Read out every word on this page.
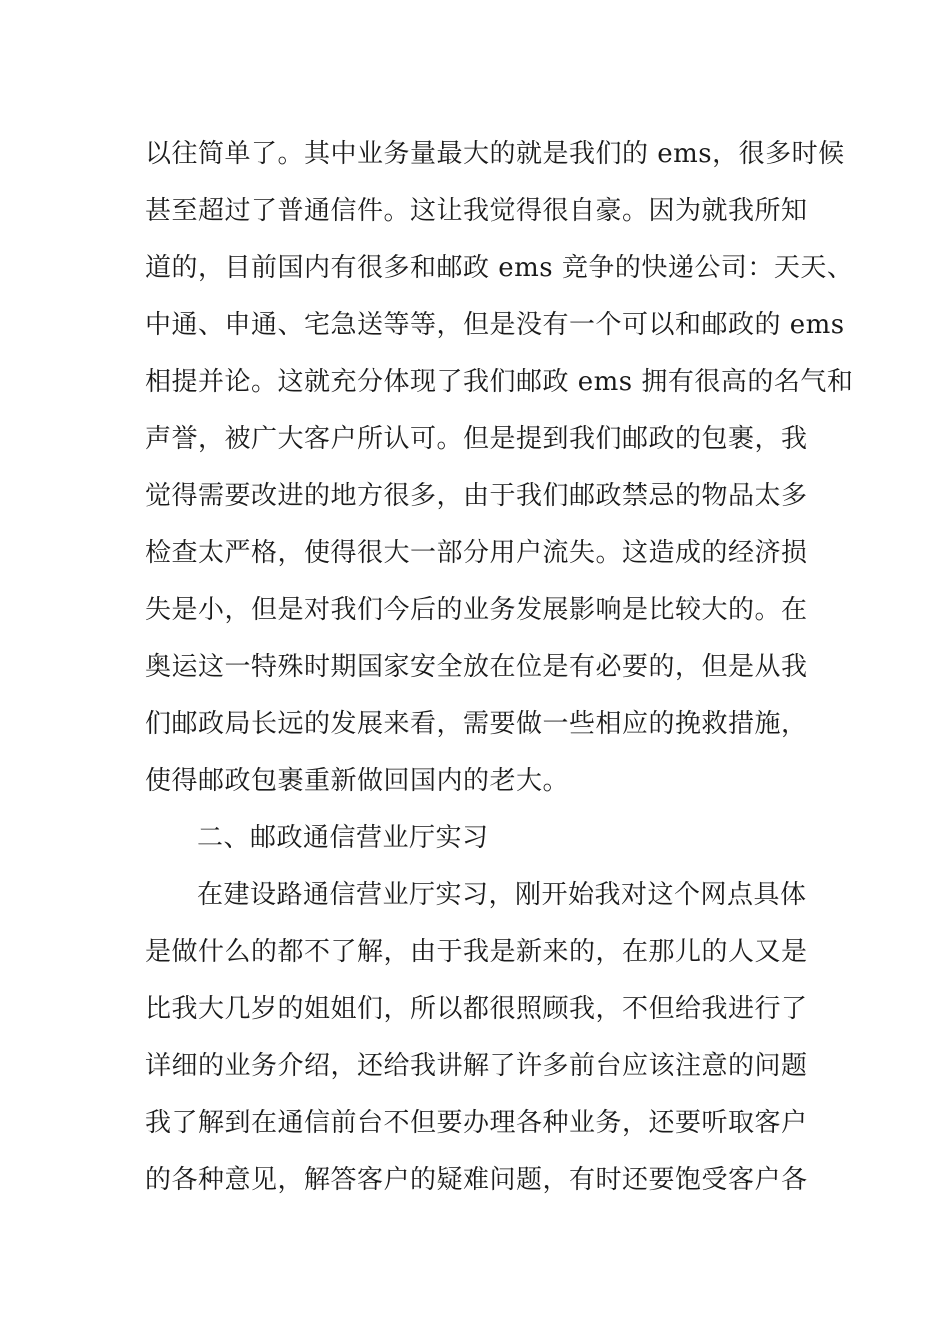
以往简单了。其中业务量最大的就是我们的 ems，很多时候
甚至超过了普通信件。这让我觉得很自豪。因为就我所知
道的，目前国内有很多和邮政 ems 竞争的快递公司：天天、
中通、申通、宅急送等等，但是没有一个可以和邮政的 ems
相提并论。这就充分体现了我们邮政 ems 拥有很高的名气和
声誉，被广大客户所认可。但是提到我们邮政的包裹，我
觉得需要改进的地方很多，由于我们邮政禁忌的物品太多
检查太严格，使得很大一部分用户流失。这造成的经济损
失是小，但是对我们今后的业务发展影响是比较大的。在
奥运这一特殊时期国家安全放在位是有必要的，但是从我
们邮政局长远的发展来看，需要做一些相应的挽救措施，
使得邮政包裹重新做回国内的老大。
二、邮政通信营业厅实习
在建设路通信营业厅实习，刚开始我对这个网点具体
是做什么的都不了解，由于我是新来的，在那儿的人又是
比我大几岁的姐姐们，所以都很照顾我，不但给我进行了
详细的业务介绍，还给我讲解了许多前台应该注意的问题
我了解到在通信前台不但要办理各种业务，还要听取客户
的各种意见，解答客户的疑难问题，有时还要饱受客户各
